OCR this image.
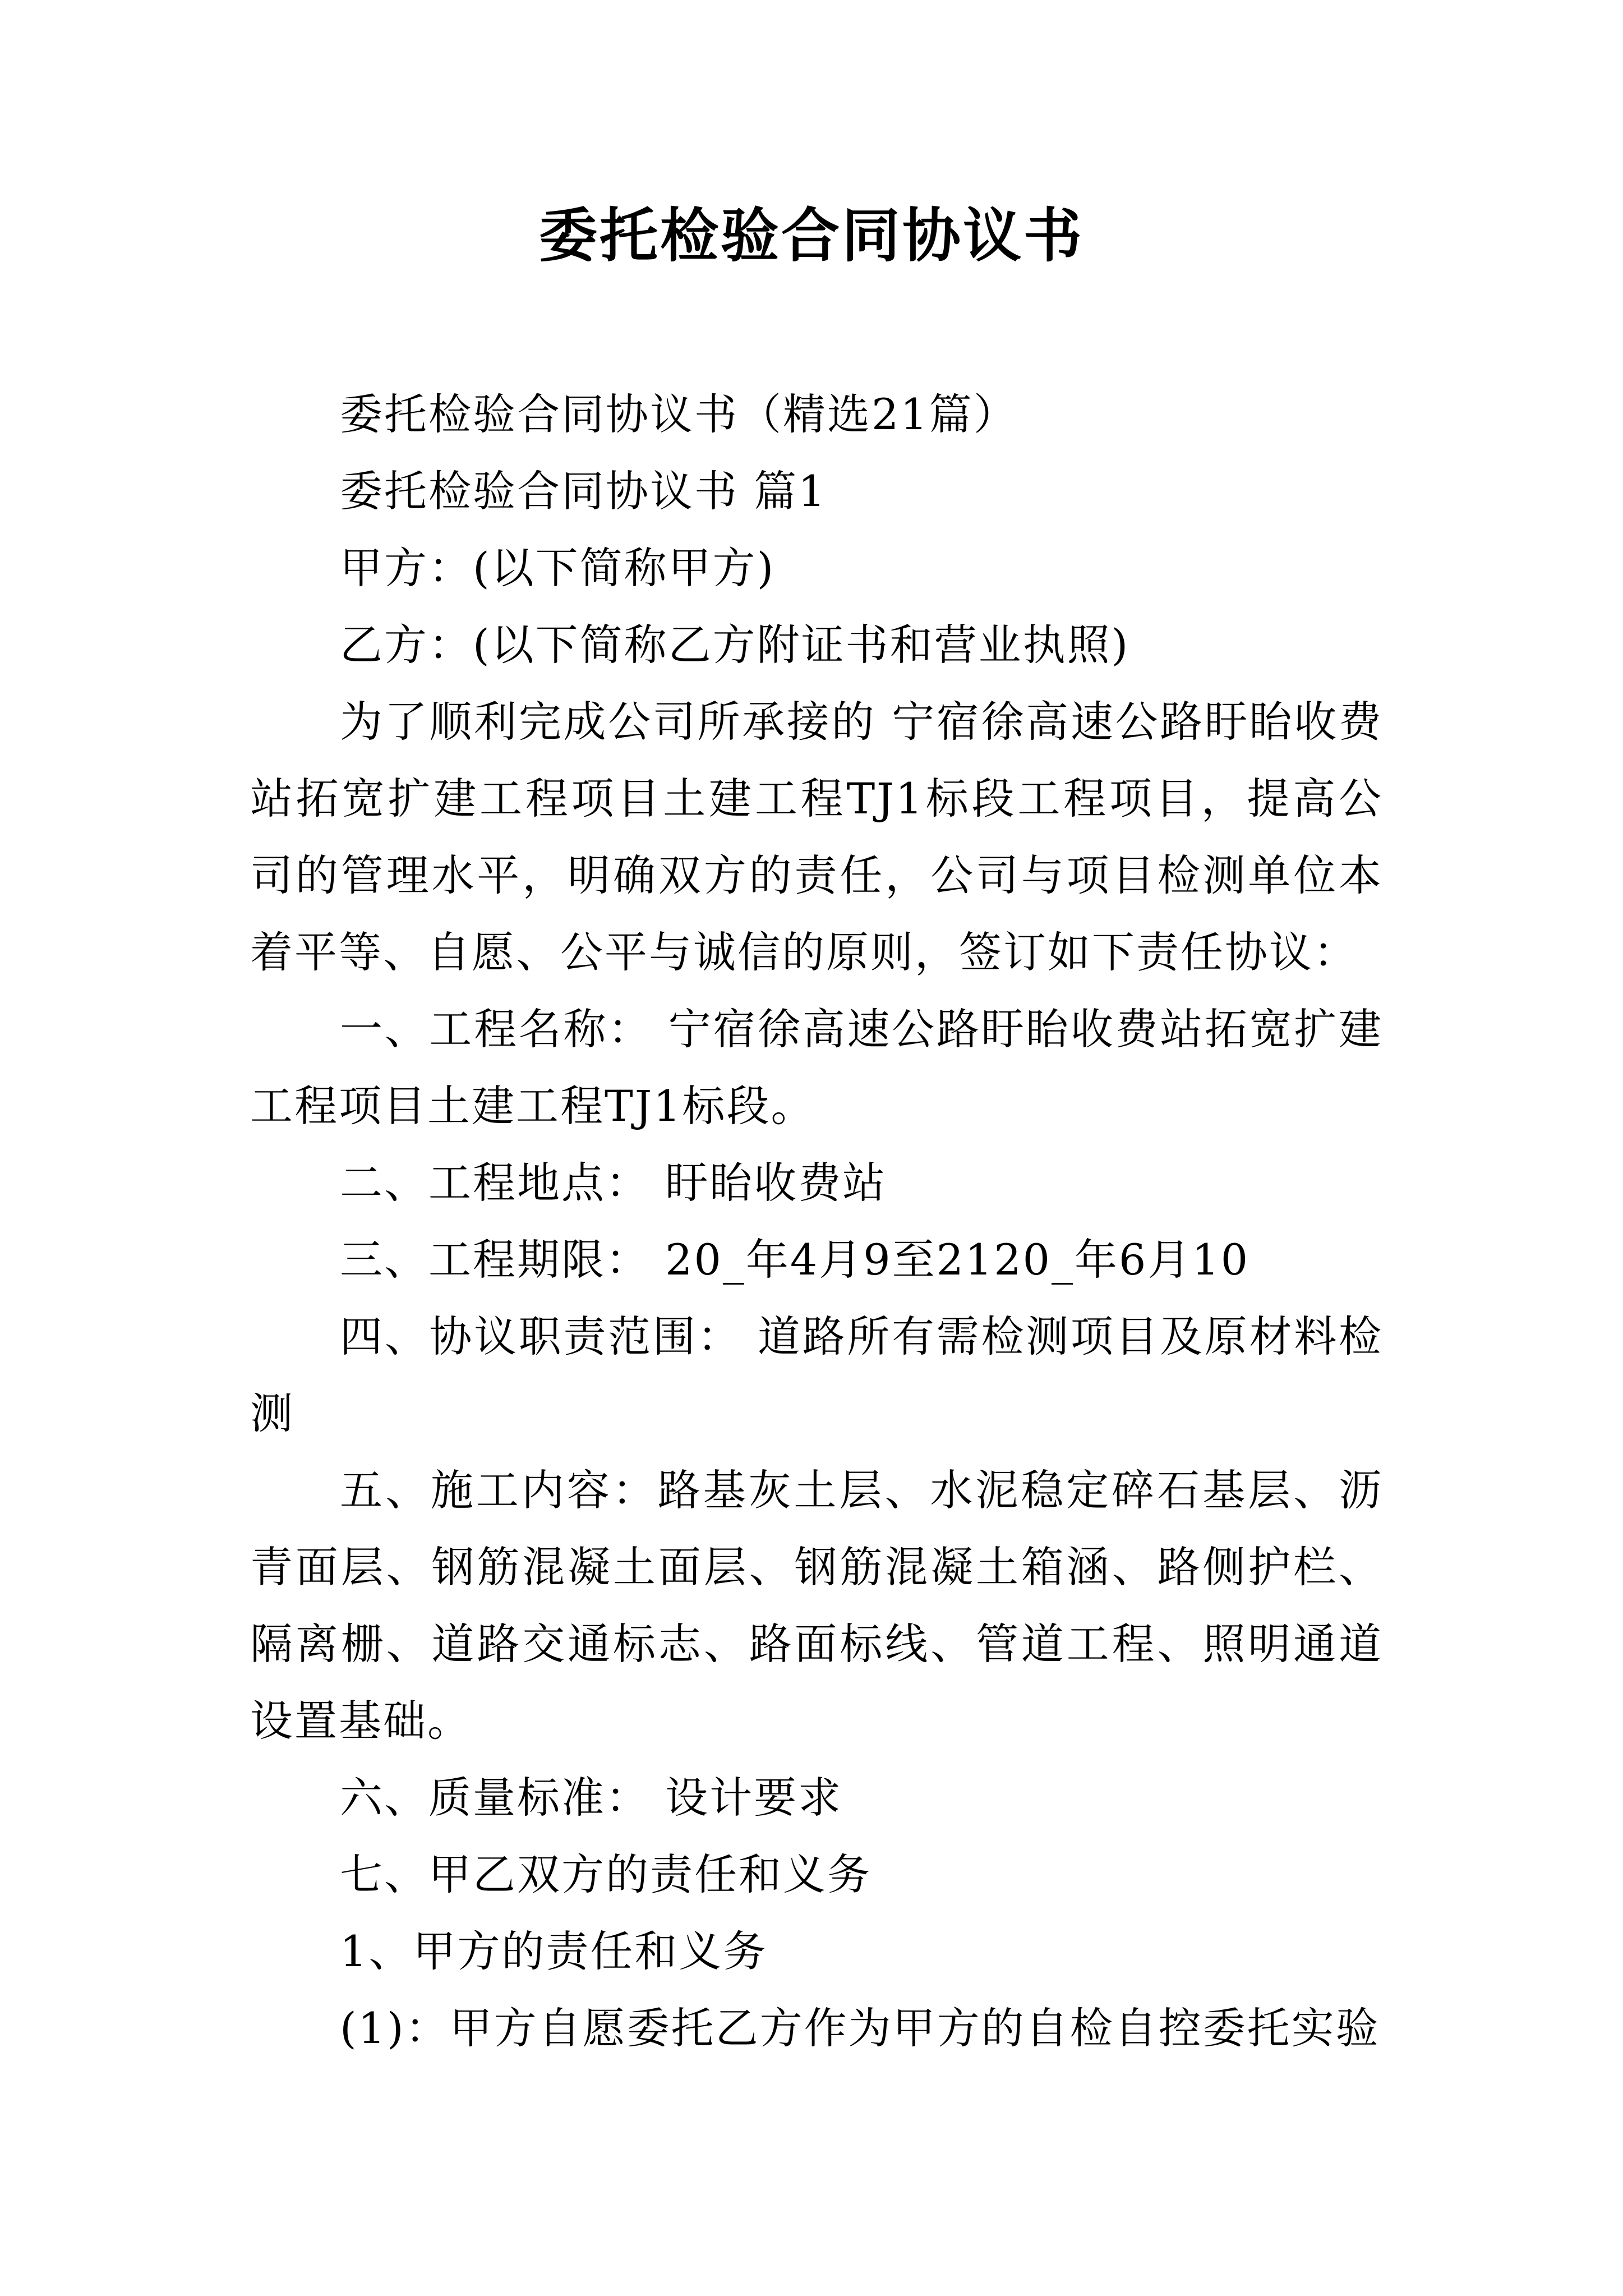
委托检验合同协议书

委托检验合同协议书（精选21篇）

委托检验合同协议书 篇1

甲方：(以下简称甲方)

乙方：(以下简称乙方附证书和营业执照)

为了顺利完成公司所承接的 宁宿徐高速公路盱眙收费站拓宽扩建工程项目土建工程TJ1标段工程项目，提高公司的管理水平，明确双方的责任，公司与项目检测单位本着平等、自愿、公平与诚信的原则，签订如下责任协议：

一、工程名称： 宁宿徐高速公路盱眙收费站拓宽扩建工程项目土建工程TJ1标段。

二、工程地点： 盱眙收费站

三、工程期限： 20_年4月9至2120_年6月10

四、协议职责范围： 道路所有需检测项目及原材料检测

五、施工内容：路基灰土层、水泥稳定碎石基层、沥青面层、钢筋混凝土面层、钢筋混凝土箱涵、路侧护栏、隔离栅、道路交通标志、路面标线、管道工程、照明通道设置基础。

六、质量标准： 设计要求

七、甲乙双方的责任和义务

1、甲方的责任和义务

(1)：甲方自愿委托乙方作为甲方的自检自控委托实验
